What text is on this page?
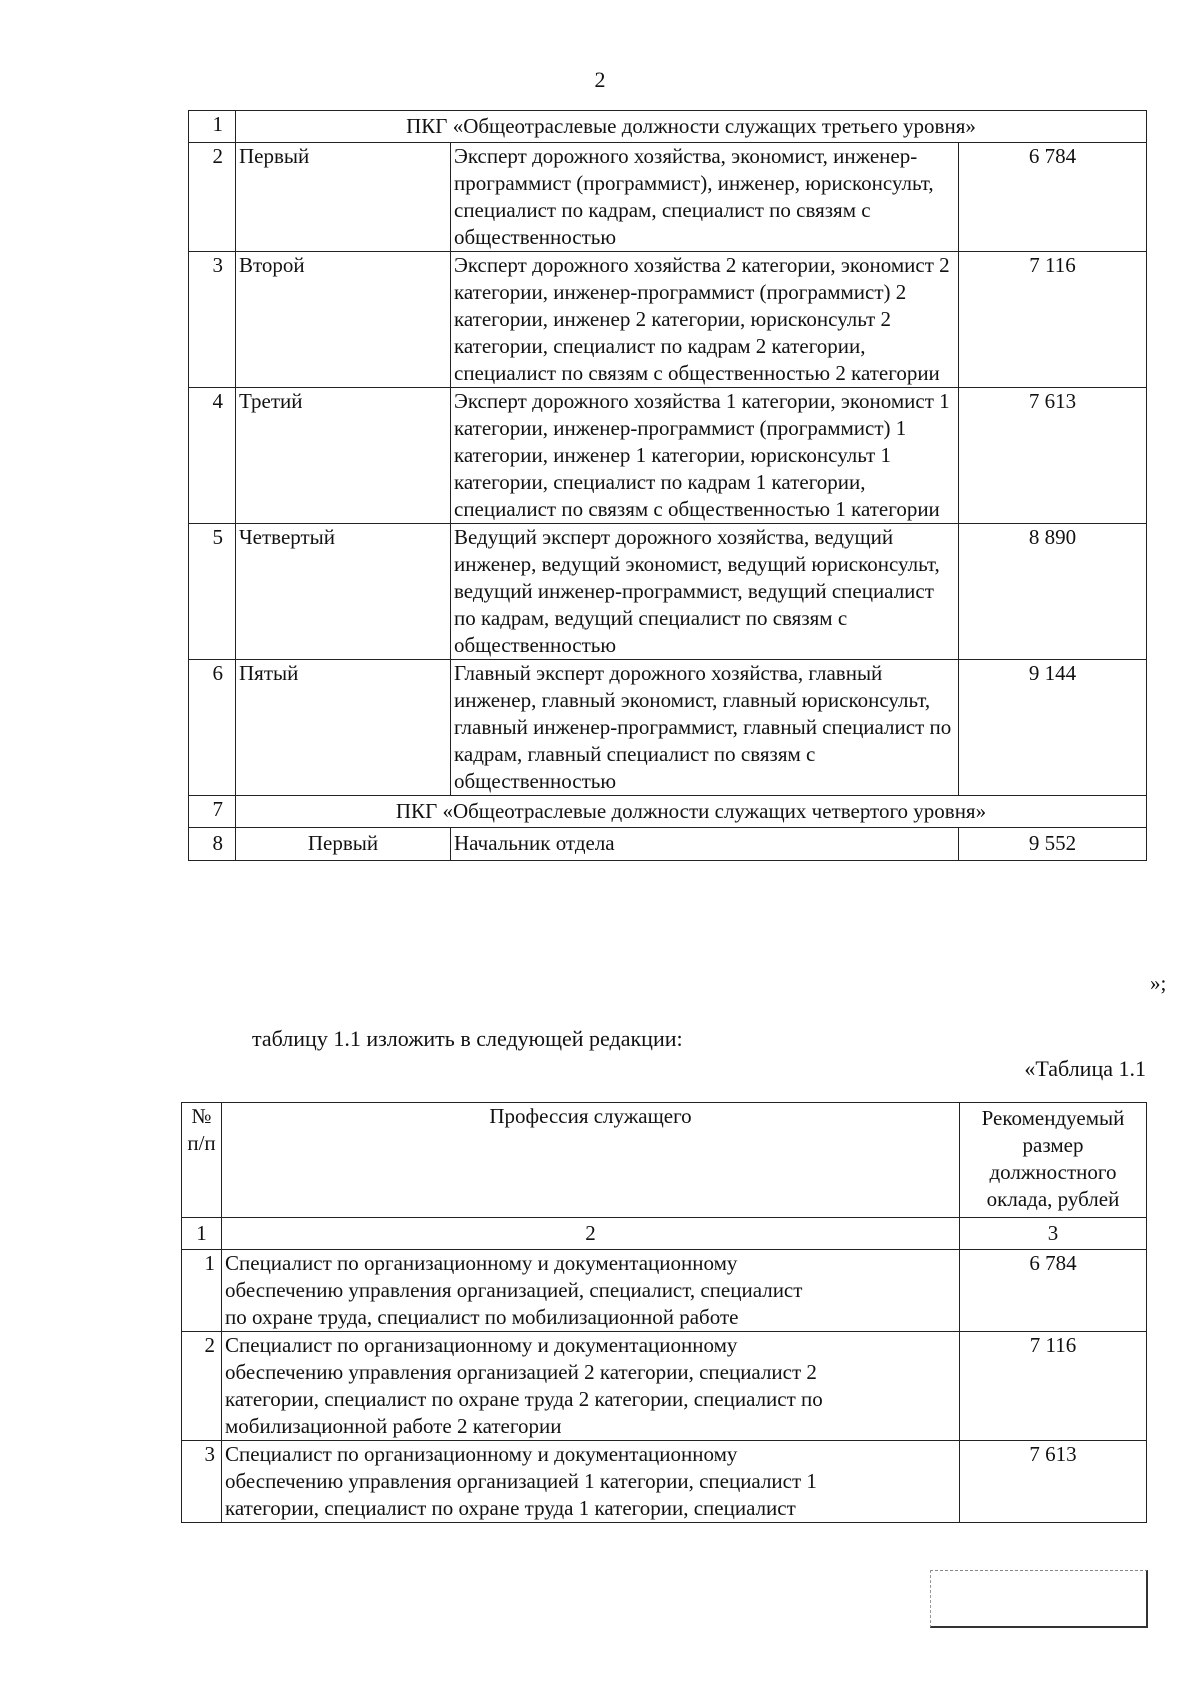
2
1	ПКГ «Общеотраслевые должности служащих третьего уровня»		
2	Первый	Эксперт дорожного хозяйства, экономист, инженер-программист (программист), инженер, юрисконсульт, специалист по кадрам, специалист по связям с общественностью	6 784
3	Второй	Эксперт дорожного хозяйства 2 категории, экономист 2 категории, инженер-программист (программист) 2 категории, инженер 2 категории, юрисконсульт 2 категории, специалист по кадрам 2 категории, специалист по связям с общественностью 2 категории	7 116
4	Третий	Эксперт дорожного хозяйства 1 категории, экономист 1 категории, инженер-программист (программист) 1 категории, инженер 1 категории, юрисконсульт 1 категории, специалист по кадрам 1 категории, специалист по связям с общественностью 1 категории	7 613
5	Четвертый	Ведущий эксперт дорожного хозяйства, ведущий инженер, ведущий экономист, ведущий юрисконсульт, ведущий инженер-программист, ведущий специалист по кадрам, ведущий специалист по связям с общественностью	8 890
6	Пятый	Главный эксперт дорожного хозяйства, главный инженер, главный экономист, главный юрисконсульт, главный инженер-программист, главный специалист по кадрам, главный специалист по связям с общественностью	9 144
7	ПКГ «Общеотраслевые должности служащих четвертого уровня»		
8	Первый	Начальник отдела	9 552
»;
таблицу 1.1 изложить в следующей редакции:
«Таблица 1.1
№ п/п	Профессия служащего	Рекомендуемый размер должностного оклада, рублей
1	2	3
1	Специалист по организационному и документационному обеспечению управления организацией, специалист, специалист по охране труда, специалист по мобилизационной работе	6 784
2	Специалист по организационному и документационному обеспечению управления организацией 2 категории, специалист 2 категории, специалист по охране труда 2 категории, специалист по мобилизационной работе 2 категории	7 116
3	Специалист по организационному и документационному обеспечению управления организацией 1 категории, специалист 1 категории, специалист по охране труда 1 категории, специалист	7 613
